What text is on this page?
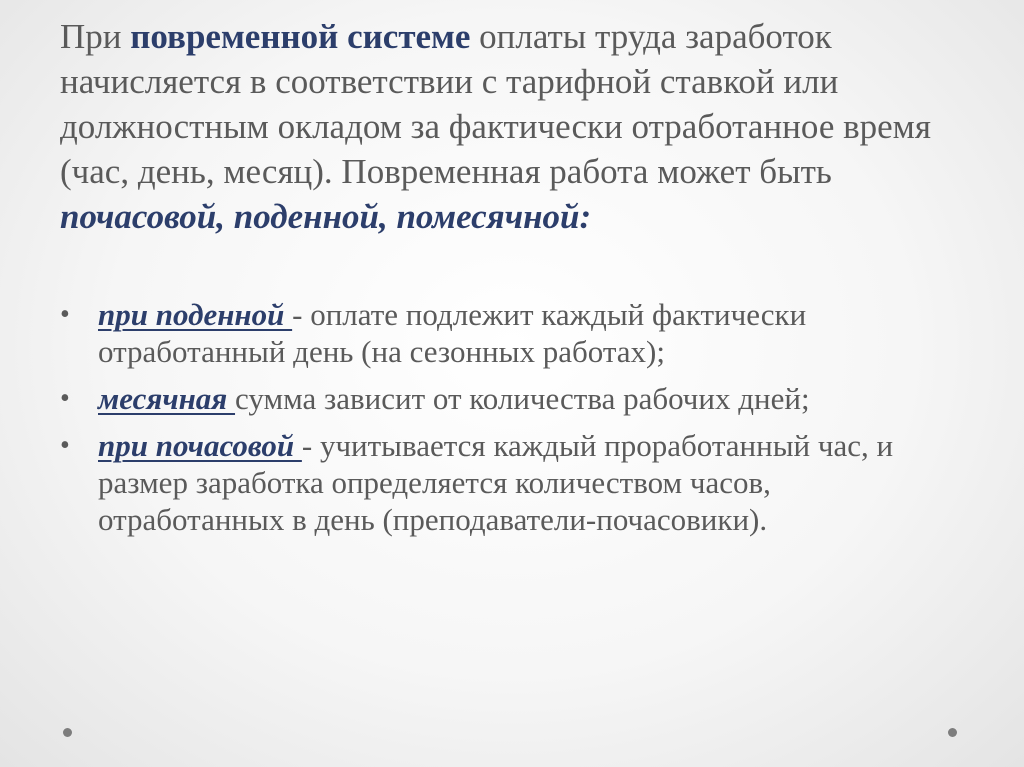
При повременной системе оплаты труда заработок начисляется в соответствии с тарифной ставкой или должностным окладом за фактически отработанное время (час, день, месяц). Повременная работа может быть почасовой, поденной, помесячной:

• при поденной - оплате подлежит каждый фактически отработанный день (на сезонных работах);
• месячная сумма зависит от количества рабочих дней;
• при почасовой - учитывается каждый проработанный час, и размер заработка определяется количеством часов, отработанных в день (преподаватели-почасовики).
